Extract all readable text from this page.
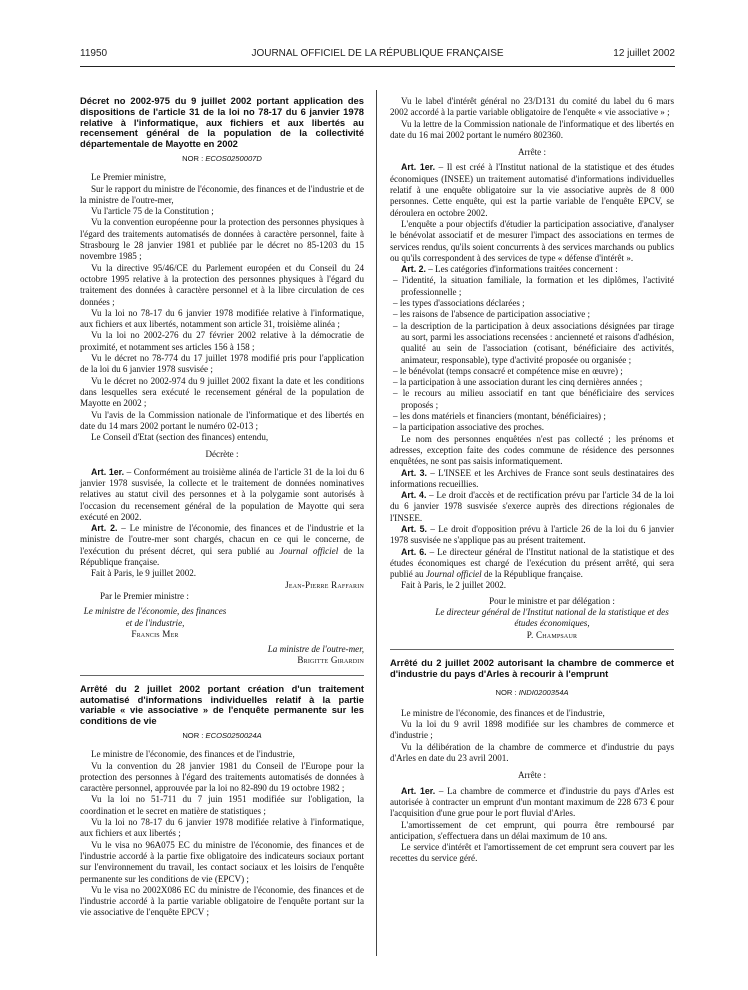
11950	JOURNAL OFFICIEL DE LA RÉPUBLIQUE FRANÇAISE	12 juillet 2002
Décret no 2002-975 du 9 juillet 2002 portant application des dispositions de l'article 31 de la loi no 78-17 du 6 janvier 1978 relative à l'informatique, aux fichiers et aux libertés au recensement général de la population de la collectivité départementale de Mayotte en 2002
NOR : ECOS0250007D

Le Premier ministre,

Sur le rapport du ministre de l'économie, des finances et de l'industrie et de la ministre de l'outre-mer,

Vu l'article 75 de la Constitution ;

Vu la convention européenne pour la protection des personnes physiques à l'égard des traitements automatisés de données à caractère personnel, faite à Strasbourg le 28 janvier 1981 et publiée par le décret no 85-1203 du 15 novembre 1985 ;

Vu la directive 95/46/CE du Parlement européen et du Conseil du 24 octobre 1995 relative à la protection des personnes physiques à l'égard du traitement des données à caractère personnel et à la libre circulation de ces données ;

Vu la loi no 78-17 du 6 janvier 1978 modifiée relative à l'informatique, aux fichiers et aux libertés, notamment son article 31, troisième alinéa ;

Vu la loi no 2002-276 du 27 février 2002 relative à la démocratie de proximité, et notamment ses articles 156 à 158 ;

Vu le décret no 78-774 du 17 juillet 1978 modifié pris pour l'application de la loi du 6 janvier 1978 susvisée ;

Vu le décret no 2002-974 du 9 juillet 2002 fixant la date et les conditions dans lesquelles sera exécuté le recensement général de la population de Mayotte en 2002 ;

Vu l'avis de la Commission nationale de l'informatique et des libertés en date du 14 mars 2002 portant le numéro 02-013 ;

Le Conseil d'Etat (section des finances) entendu,

Décrète :

Art. 1er. – Conformément au troisième alinéa de l'article 31 de la loi du 6 janvier 1978 susvisée, la collecte et le traitement de données nominatives relatives au statut civil des personnes et à la polygamie sont autorisés à l'occasion du recensement général de la population de Mayotte qui sera exécuté en 2002.

Art. 2. – Le ministre de l'économie, des finances et de l'industrie et la ministre de l'outre-mer sont chargés, chacun en ce qui le concerne, de l'exécution du présent décret, qui sera publié au Journal officiel de la République française.

Fait à Paris, le 9 juillet 2002.

Jean-Pierre Raffarin
Par le Premier ministre :
Le ministre de l'économie, des finances et de l'industrie,
Francis Mer
La ministre de l'outre-mer,
Brigitte Girardin
Arrêté du 2 juillet 2002 portant création d'un traitement automatisé d'informations individuelles relatif à la partie variable « vie associative » de l'enquête permanente sur les conditions de vie
NOR : ECOS0250024A

Le ministre de l'économie, des finances et de l'industrie,

Vu la convention du 28 janvier 1981 du Conseil de l'Europe pour la protection des personnes à l'égard des traitements automatisés de données à caractère personnel, approuvée par la loi no 82-890 du 19 octobre 1982 ;

Vu la loi no 51-711 du 7 juin 1951 modifiée sur l'obligation, la coordination et le secret en matière de statistiques ;

Vu la loi no 78-17 du 6 janvier 1978 modifiée relative à l'informatique, aux fichiers et aux libertés ;

Vu le visa no 96A075 EC du ministre de l'économie, des finances et de l'industrie accordé à la partie fixe obligatoire des indicateurs sociaux portant sur l'environnement du travail, les contact sociaux et les loisirs de l'enquête permanente sur les conditions de vie (EPCV) ;

Vu le visa no 2002X086 EC du ministre de l'économie, des finances et de l'industrie accordé à la partie variable obligatoire de l'enquête portant sur la vie associative de l'enquête EPCV ;

Vu le label d'intérêt général no 23/D131 du comité du label du 6 mars 2002 accordé à la partie variable obligatoire de l'enquête « vie associative » ;

Vu la lettre de la Commission nationale de l'informatique et des libertés en date du 16 mai 2002 portant le numéro 802360.

Arrête :

Art. 1er. – Il est créé à l'Institut national de la statistique et des études économiques (INSEE) un traitement automatisé d'informations individuelles relatif à une enquête obligatoire sur la vie associative auprès de 8 000 personnes. Cette enquête, qui est la partie variable de l'enquête EPCV, se déroulera en octobre 2002.

L'enquête a pour objectifs d'étudier la participation associative, d'analyser le bénévolat associatif et de mesurer l'impact des associations en termes de services rendus, qu'ils soient concurrents à des services marchands ou publics ou qu'ils correspondent à des services de type « défense d'intérêt ».

Art. 2. – Les catégories d'informations traitées concernent :

– l'identité, la situation familiale, la formation et les diplômes, l'activité professionnelle ;

– les types d'associations déclarées ;

– les raisons de l'absence de participation associative ;

– la description de la participation à deux associations désignées par tirage au sort, parmi les associations recensées : ancienneté et raisons d'adhésion, qualité au sein de l'association (cotisant, bénéficiaire des activités, animateur, responsable), type d'activité proposée ou organisée ;

– le bénévolat (temps consacré et compétence mise en œuvre) ;

– la participation à une association durant les cinq dernières années ;

– le recours au milieu associatif en tant que bénéficiaire des services proposés ;

– les dons matériels et financiers (montant, bénéficiaires) ;

– la participation associative des proches.

Le nom des personnes enquêtées n'est pas collecté ; les prénoms et adresses, exception faite des codes commune de résidence des personnes enquêtées, ne sont pas saisis informatiquement.

Art. 3. – L'INSEE et les Archives de France sont seuls destinataires des informations recueillies.

Art. 4. – Le droit d'accès et de rectification prévu par l'article 34 de la loi du 6 janvier 1978 susvisée s'exerce auprès des directions régionales de l'INSEE.

Art. 5. – Le droit d'opposition prévu à l'article 26 de la loi du 6 janvier 1978 susvisée ne s'applique pas au présent traitement.

Art. 6. – Le directeur général de l'Institut national de la statistique et des études économiques est chargé de l'exécution du présent arrêté, qui sera publié au Journal officiel de la République française.

Fait à Paris, le 2 juillet 2002.

Pour le ministre et par délégation :
Le directeur général de l'Institut national de la statistique et des études économiques,
P. Champsaur
Arrêté du 2 juillet 2002 autorisant la chambre de commerce et d'industrie du pays d'Arles à recourir à l'emprunt
NOR : INDI0200354A

Le ministre de l'économie, des finances et de l'industrie,

Vu la loi du 9 avril 1898 modifiée sur les chambres de commerce et d'industrie ;

Vu la délibération de la chambre de commerce et d'industrie du pays d'Arles en date du 23 avril 2001.

Arrête :

Art. 1er. – La chambre de commerce et d'industrie du pays d'Arles est autorisée à contracter un emprunt d'un montant maximum de 228 673 € pour l'acquisition d'une grue pour le port fluvial d'Arles.

L'amortissement de cet emprunt, qui pourra être remboursé par anticipation, s'effectuera dans un délai maximum de 10 ans.

Le service d'intérêt et l'amortissement de cet emprunt sera couvert par les recettes du service géré.
